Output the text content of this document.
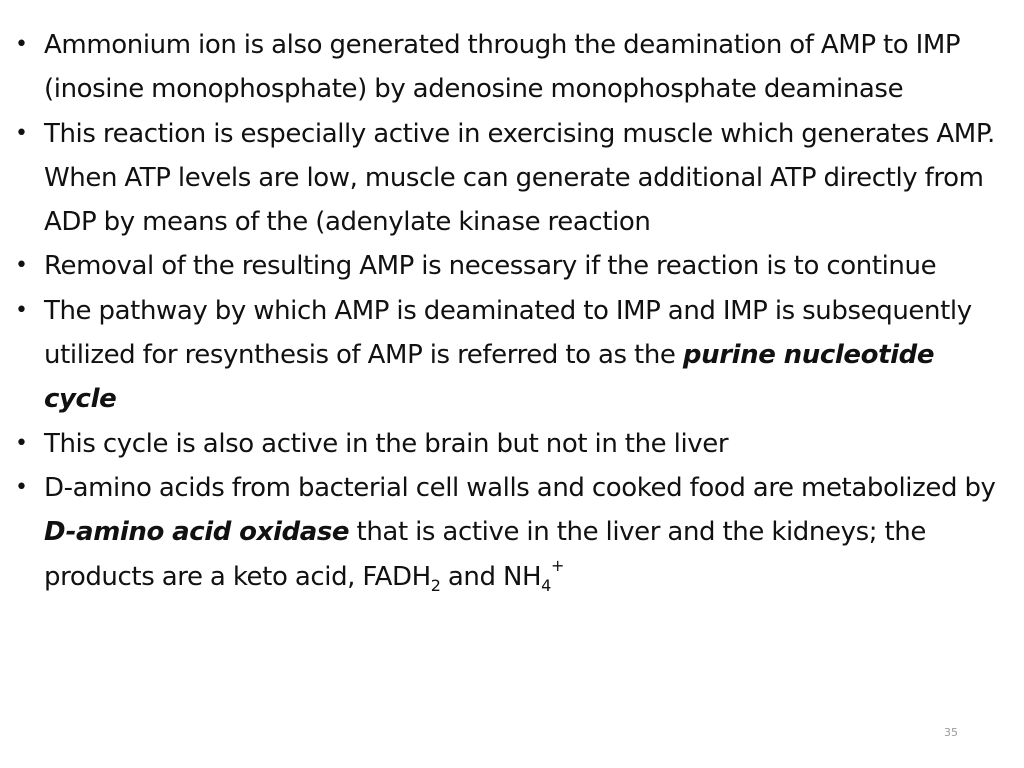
• Ammonium ion is also generated through the deamination of AMP to IMP (inosine monophosphate) by adenosine monophosphate deaminase
• This reaction is especially active in exercising muscle which generates AMP. When ATP levels are low, muscle can generate additional ATP directly from ADP by means of the (adenylate kinase reaction
• Removal of the resulting AMP is necessary if the reaction is to continue
• The pathway by which AMP is deaminated to IMP and IMP is subsequently utilized for resynthesis of AMP is referred to as the purine nucleotide cycle
• This cycle is also active in the brain but not in the liver
• D-amino acids from bacterial cell walls and cooked food are metabolized by D-amino acid oxidase that is active in the liver and the kidneys; the products are a keto acid, $FADH_2$ and $NH_4^+$
35
